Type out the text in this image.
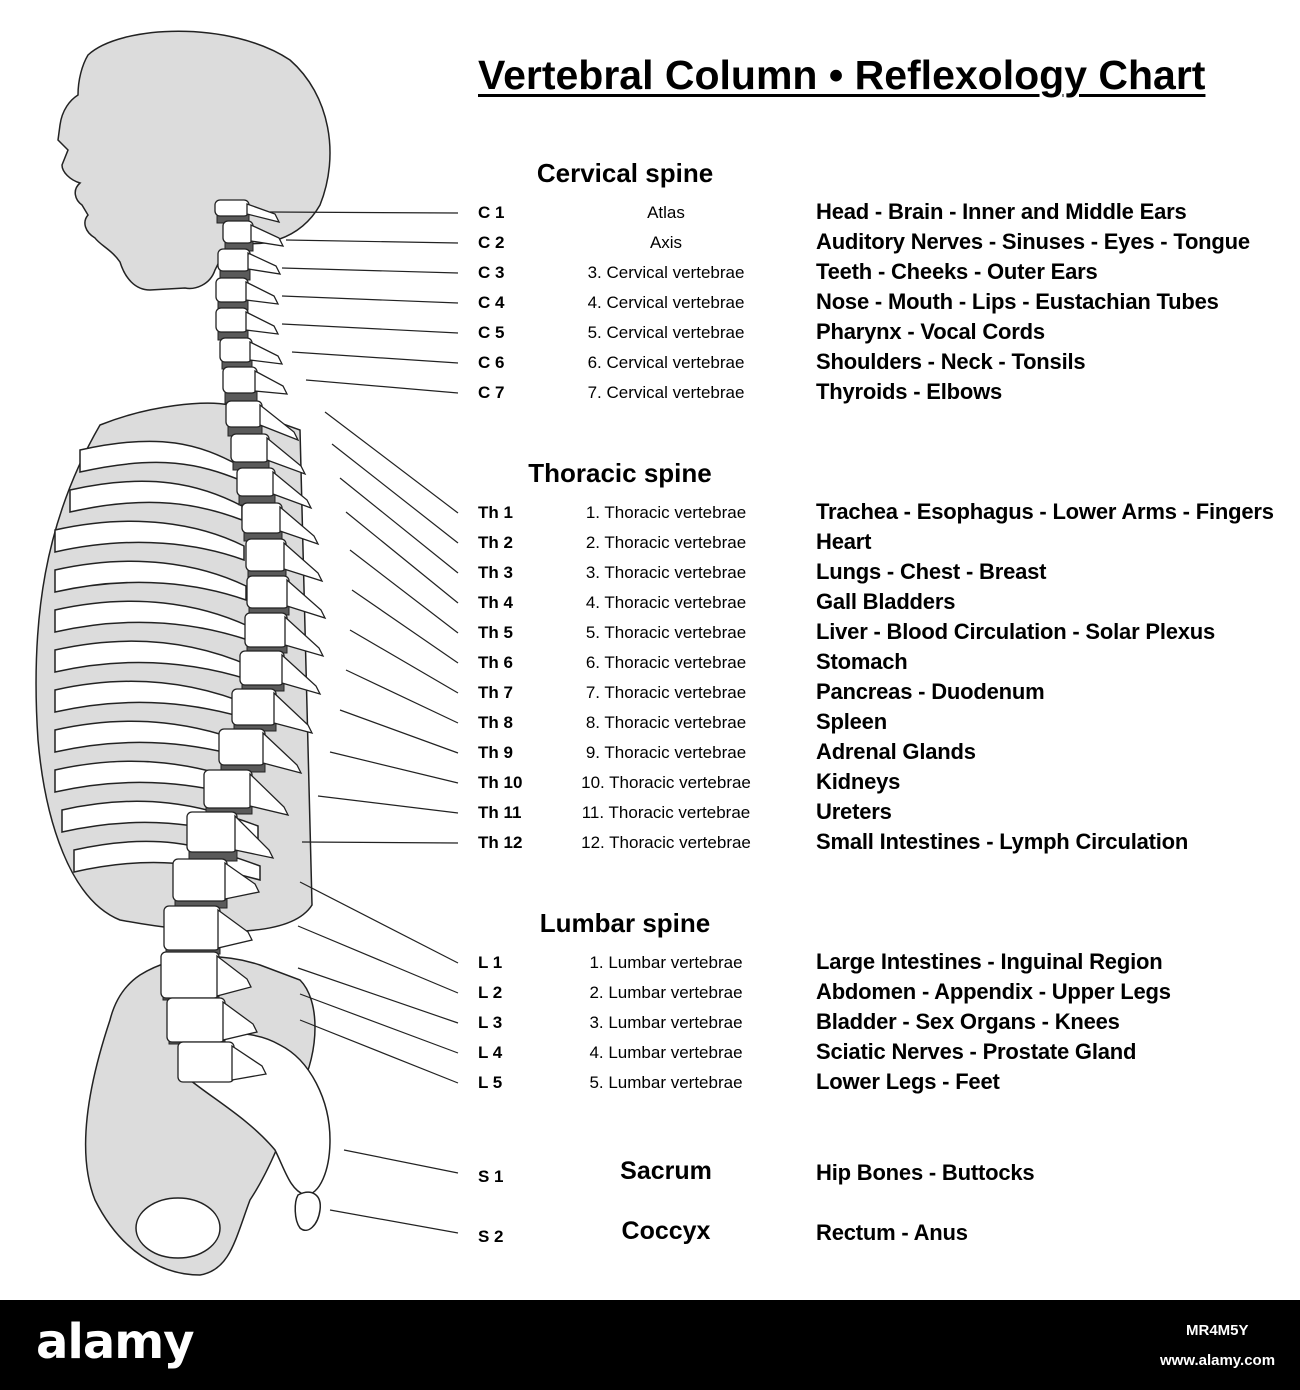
Vertebral Column • Reflexology Chart
Cervical spine
Thoracic spine
Lumbar spine
C 1	Atlas	Head - Brain - Inner and Middle Ears
C 2	Axis	Auditory Nerves - Sinuses - Eyes - Tongue
C 3	3. Cervical vertebrae	Teeth - Cheeks - Outer Ears
C 4	4. Cervical vertebrae	Nose - Mouth - Lips - Eustachian Tubes
C 5	5. Cervical vertebrae	Pharynx - Vocal Cords
C 6	6. Cervical vertebrae	Shoulders - Neck - Tonsils
C 7	7. Cervical vertebrae	Thyroids - Elbows
Th 1	1. Thoracic vertebrae	Trachea - Esophagus - Lower Arms - Fingers
Th 2	2. Thoracic vertebrae	Heart
Th 3	3. Thoracic vertebrae	Lungs - Chest - Breast
Th 4	4. Thoracic vertebrae	Gall Bladders
Th 5	5. Thoracic vertebrae	Liver - Blood Circulation - Solar Plexus
Th 6	6. Thoracic vertebrae	Stomach
Th 7	7. Thoracic vertebrae	Pancreas - Duodenum
Th 8	8. Thoracic vertebrae	Spleen
Th 9	9. Thoracic vertebrae	Adrenal Glands
Th 10	10. Thoracic vertebrae	Kidneys
Th 11	11. Thoracic vertebrae	Ureters
Th 12	12. Thoracic vertebrae	Small Intestines - Lymph Circulation
L 1	1. Lumbar vertebrae	Large Intestines - Inguinal Region
L 2	2. Lumbar vertebrae	Abdomen - Appendix - Upper Legs
L 3	3. Lumbar vertebrae	Bladder - Sex Organs - Knees
L 4	4. Lumbar vertebrae	Sciatic Nerves - Prostate Gland
L 5	5. Lumbar vertebrae	Lower Legs - Feet
S 1	Sacrum	Hip Bones - Buttocks
S 2	Coccyx	Rectum - Anus
alamy	MR4M5Y
www.alamy.com
